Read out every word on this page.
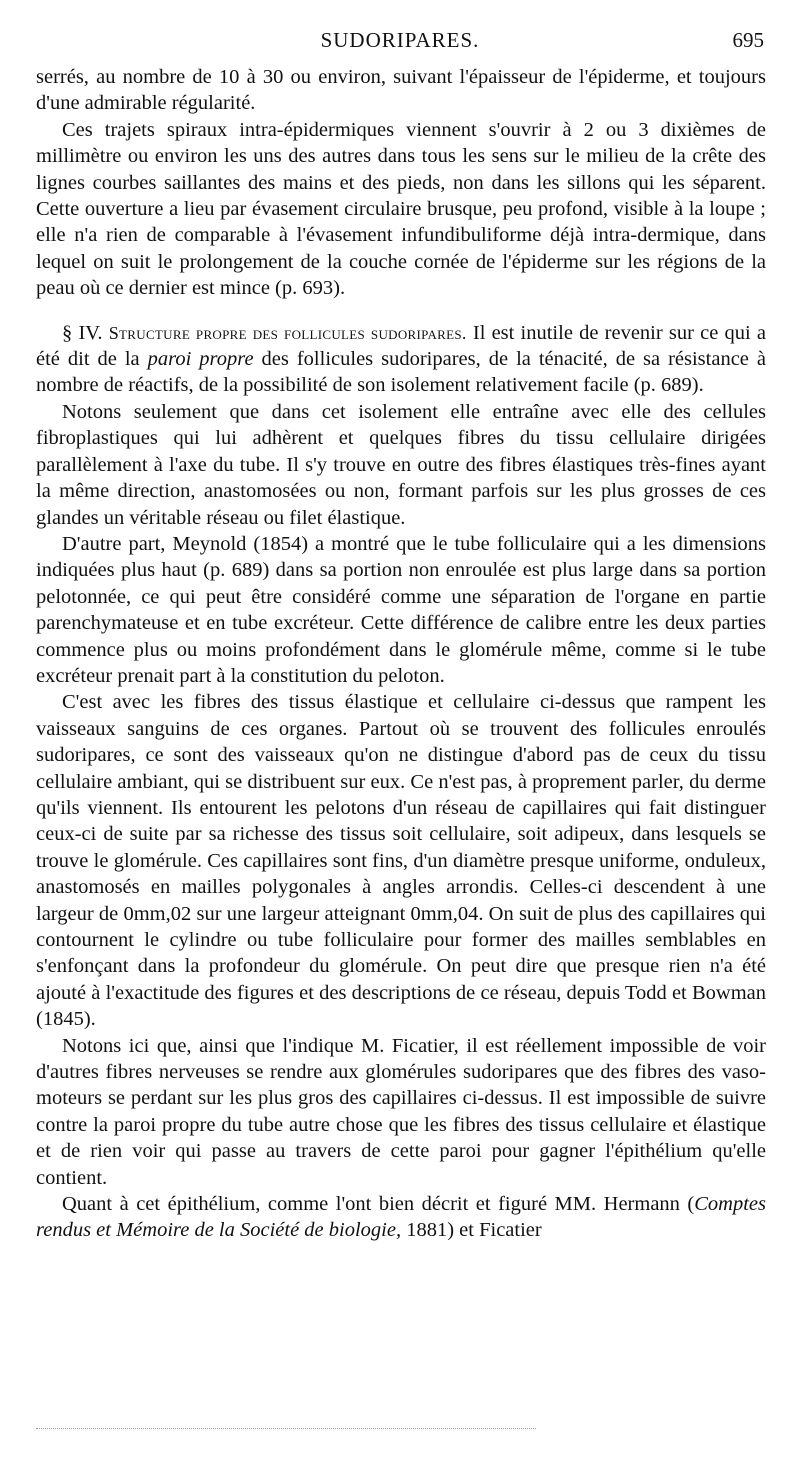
SUDORIPARES.	695

serrés, au nombre de 10 à 30 ou environ, suivant l'épaisseur de l'épiderme, et toujours d'une admirable régularité.

Ces trajets spiraux intra-épidermiques viennent s'ouvrir à 2 ou 3 dixièmes de millimètre ou environ les uns des autres dans tous les sens sur le milieu de la crête des lignes courbes saillantes des mains et des pieds, non dans les sillons qui les séparent. Cette ouverture a lieu par évasement circulaire brusque, peu profond, visible à la loupe ; elle n'a rien de comparable à l'évasement infundibuliforme déjà intra-dermique, dans lequel on suit le prolongement de la couche cornée de l'épiderme sur les régions de la peau où ce dernier est mince (p. 693).

§ IV. Structure propre des follicules sudoripares. Il est inutile de revenir sur ce qui a été dit de la paroi propre des follicules sudoripares, de la ténacité, de sa résistance à nombre de réactifs, de la possibilité de son isolement relativement facile (p. 689).

Notons seulement que dans cet isolement elle entraîne avec elle des cellules fibroplastiques qui lui adhèrent et quelques fibres du tissu cellulaire dirigées parallèlement à l'axe du tube. Il s'y trouve en outre des fibres élastiques très-fines ayant la même direction, anastomosées ou non, formant parfois sur les plus grosses de ces glandes un véritable réseau ou filet élastique.

D'autre part, Meynold (1854) a montré que le tube folliculaire qui a les dimensions indiquées plus haut (p. 689) dans sa portion non enroulée est plus large dans sa portion pelotonnée, ce qui peut être considéré comme une séparation de l'organe en partie parenchymateuse et en tube excréteur. Cette différence de calibre entre les deux parties commence plus ou moins profondément dans le glomérule même, comme si le tube excréteur prenait part à la constitution du peloton.

C'est avec les fibres des tissus élastique et cellulaire ci-dessus que rampent les vaisseaux sanguins de ces organes. Partout où se trouvent des follicules enroulés sudoripares, ce sont des vaisseaux qu'on ne distingue d'abord pas de ceux du tissu cellulaire ambiant, qui se distribuent sur eux. Ce n'est pas, à proprement parler, du derme qu'ils viennent. Ils entourent les pelotons d'un réseau de capillaires qui fait distinguer ceux-ci de suite par sa richesse des tissus soit cellulaire, soit adipeux, dans lesquels se trouve le glomérule. Ces capillaires sont fins, d'un diamètre presque uniforme, onduleux, anastomosés en mailles polygonales à angles arrondis. Celles-ci descendent à une largeur de 0mm,02 sur une largeur atteignant 0mm,04. On suit de plus des capillaires qui contournent le cylindre ou tube folliculaire pour former des mailles semblables en s'enfonçant dans la profondeur du glomérule. On peut dire que presque rien n'a été ajouté à l'exactitude des figures et des descriptions de ce réseau, depuis Todd et Bowman (1845).

Notons ici que, ainsi que l'indique M. Ficatier, il est réellement impossible de voir d'autres fibres nerveuses se rendre aux glomérules sudoripares que des fibres des vaso-moteurs se perdant sur les plus gros des capillaires ci-dessus. Il est impossible de suivre contre la paroi propre du tube autre chose que les fibres des tissus cellulaire et élastique et de rien voir qui passe au travers de cette paroi pour gagner l'épithélium qu'elle contient.

Quant à cet épithélium, comme l'ont bien décrit et figuré MM. Hermann (Comptes rendus et Mémoire de la Société de biologie, 1881) et Ficatier
